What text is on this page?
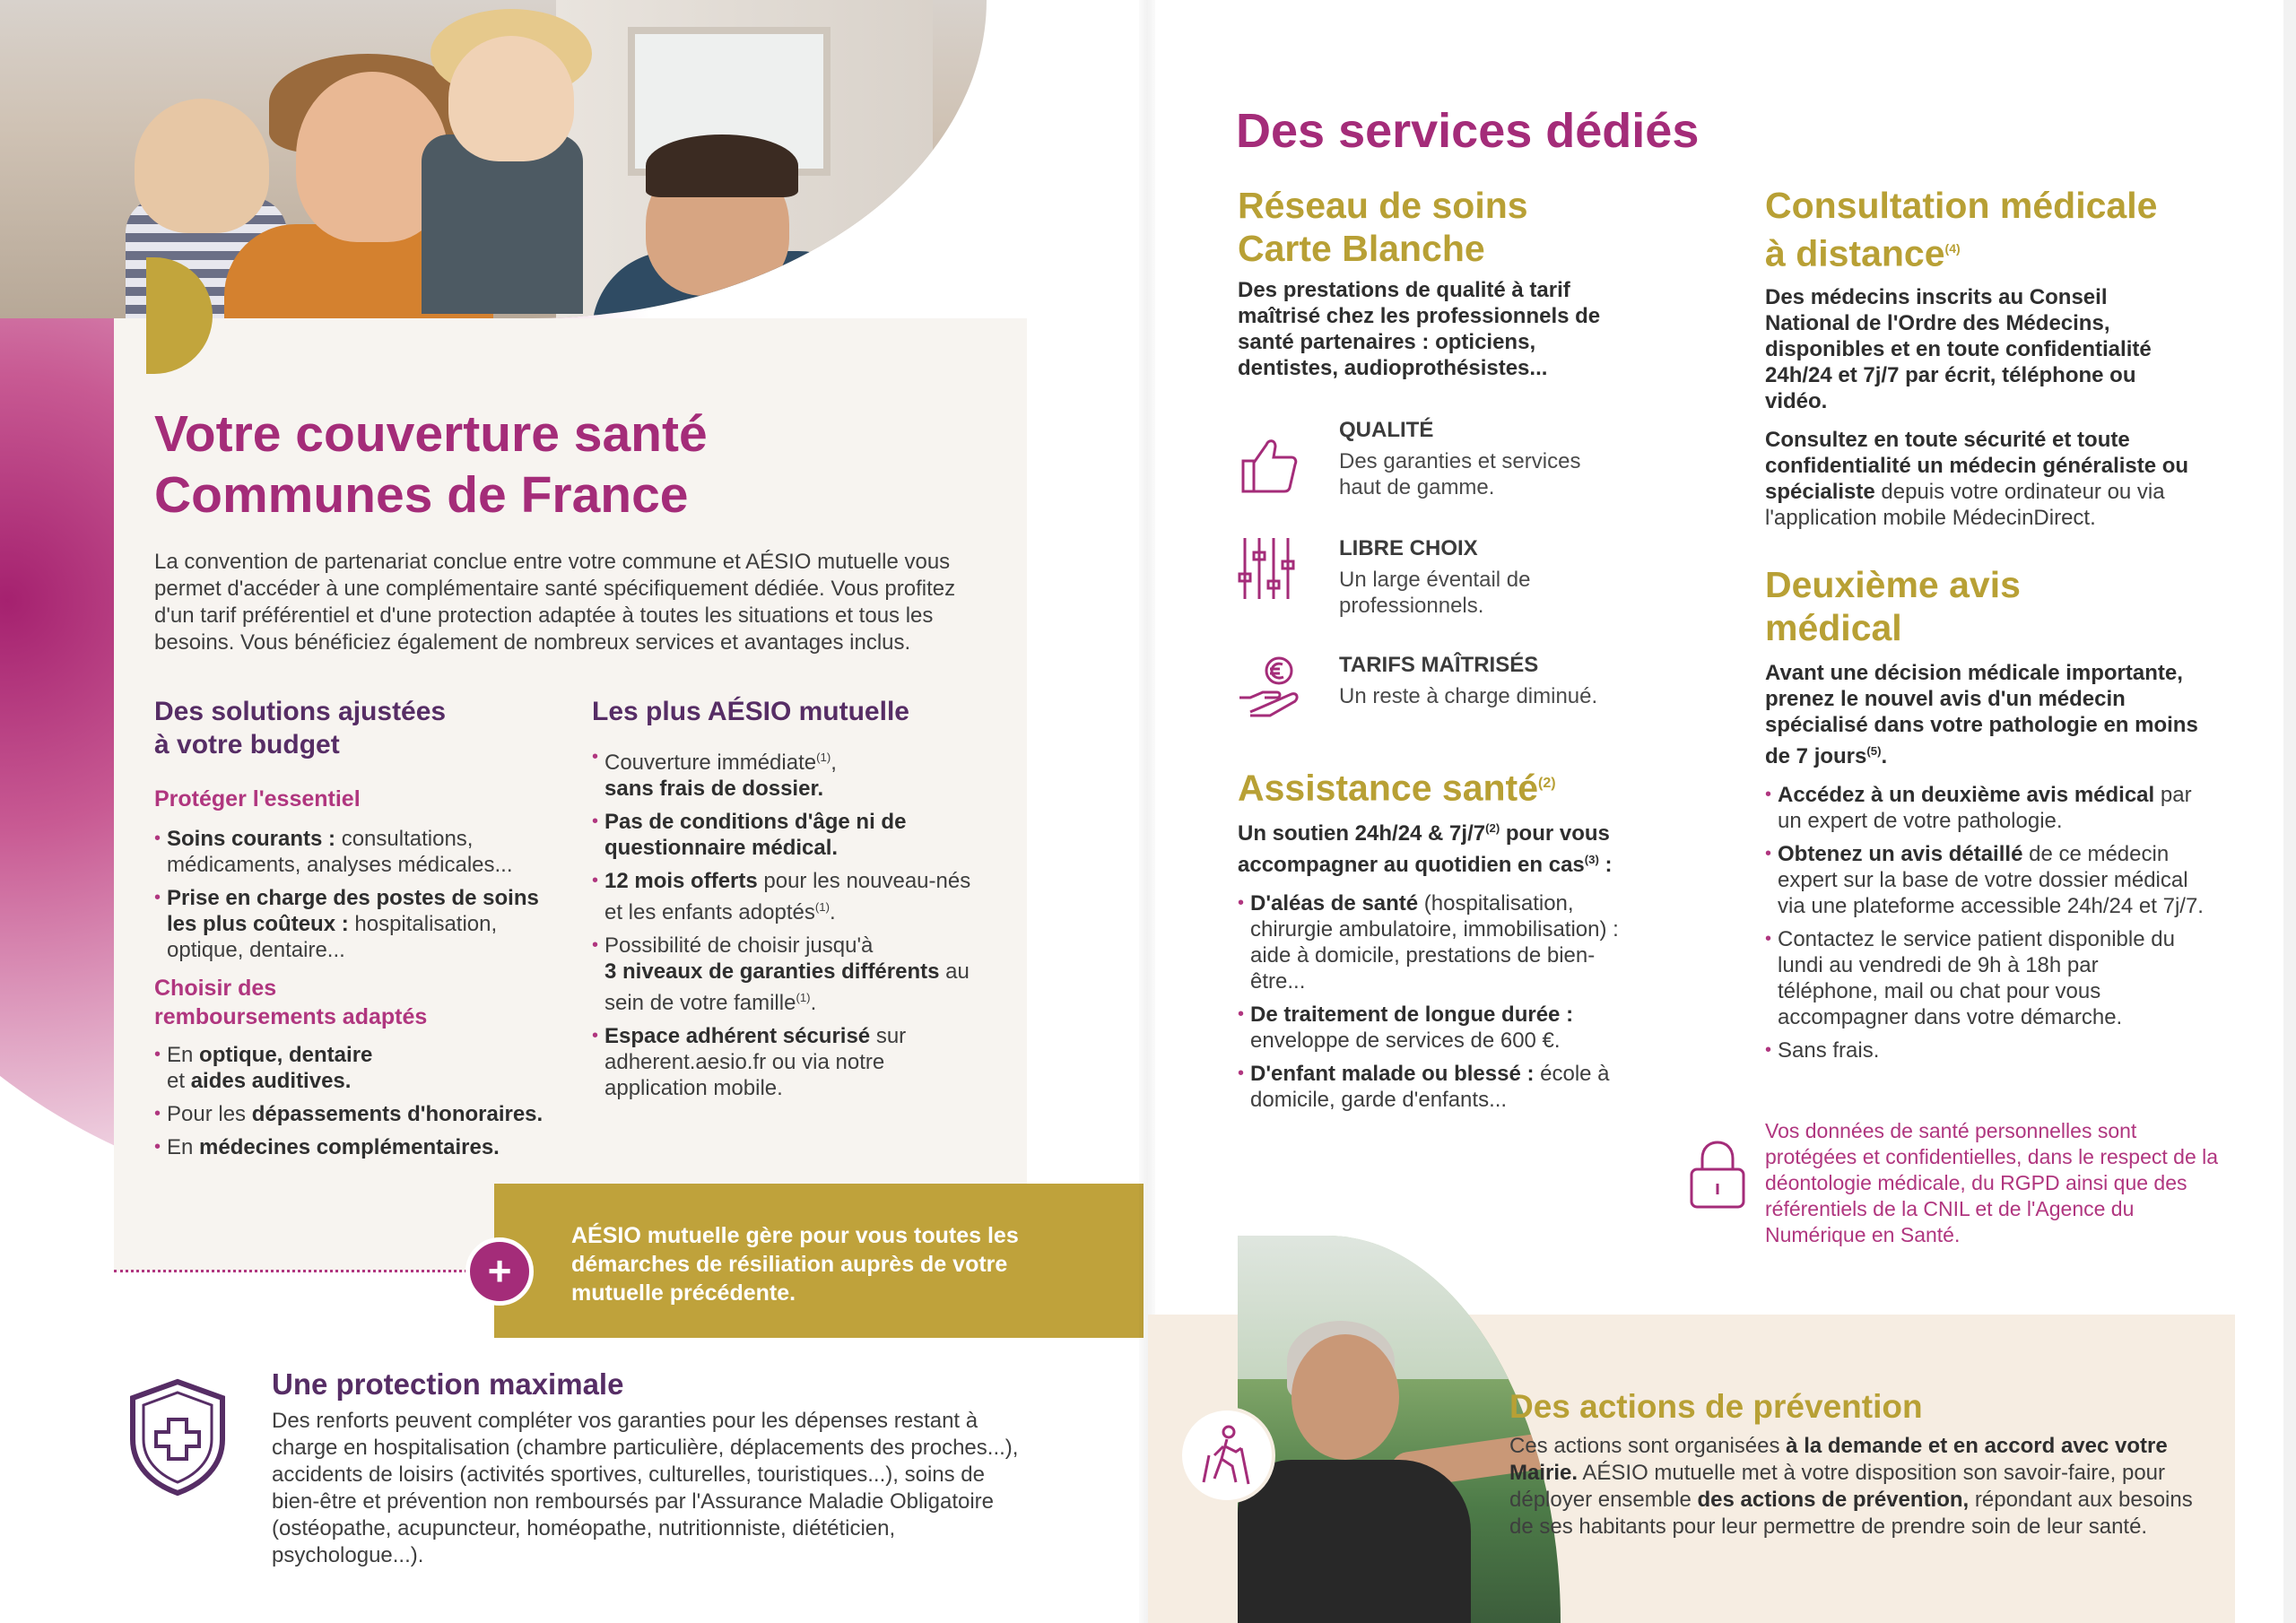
Votre couverture santé
Communes de France

La convention de partenariat conclue entre votre commune et AÉSIO mutuelle vous permet d'accéder à une complémentaire santé spécifiquement dédiée. Vous profitez d'un tarif préférentiel et d'une protection adaptée à toutes les situations et tous les besoins. Vous bénéficiez également de nombreux services et avantages inclus.

Des solutions ajustées
à votre budget
Protéger l'essentiel
• Soins courants : consultations, médicaments, analyses médicales...
• Prise en charge des postes de soins les plus coûteux : hospitalisation, optique, dentaire...
Choisir des
remboursements adaptés
• En optique, dentaire
et aides auditives.
• Pour les dépassements d'honoraires.
• En médecines complémentaires.
Les plus AÉSIO mutuelle
• Couverture immédiate$^{(1)}$,
sans frais de dossier.
• Pas de conditions d'âge ni de questionnaire médical.
• 12 mois offerts pour les nouveau-nés et les enfants adoptés$^{(1)}$.
• Possibilité de choisir jusqu'à
3 niveaux de garanties différents au sein de votre famille$^{(1)}$.
• Espace adhérent sécurisé sur adherent.aesio.fr ou via notre application mobile.

AÉSIO mutuelle gère pour vous toutes les démarches de résiliation auprès de votre mutuelle précédente.

+
Une protection maximale

Des renforts peuvent compléter vos garanties pour les dépenses restant à charge en hospitalisation (chambre particulière, déplacements des proches...), accidents de loisirs (activités sportives, culturelles, touristiques...), soins de bien-être et prévention non remboursés par l'Assurance Maladie Obligatoire (ostéopathe, acupuncteur, homéopathe, nutritionniste, diététicien, psychologue...).

Des services dédiés
Réseau de soins
Carte Blanche

Des prestations de qualité à tarif maîtrisé chez les professionnels de santé partenaires : opticiens, dentistes, audioprothésistes...

QUALITÉ

Des garanties et services haut de gamme.

LIBRE CHOIX

Un large éventail de professionnels.

TARIFS MAÎTRISÉS

Un reste à charge diminué.

Assistance santé$^{(2)}$

Un soutien 24h/24 & 7j/7$^{(2)}$ pour vous accompagner au quotidien en cas$^{(3)}$ :

• D'aléas de santé (hospitalisation, chirurgie ambulatoire, immobilisation) : aide à domicile, prestations de bien-être...
• De traitement de longue durée : enveloppe de services de 600 €.
• D'enfant malade ou blessé : école à domicile, garde d'enfants...
Consultation médicale
à distance$^{(4)}$

Des médecins inscrits au Conseil National de l'Ordre des Médecins, disponibles et en toute confidentialité 24h/24 et 7j/7 par écrit, téléphone ou vidéo.

Consultez en toute sécurité et toute confidentialité un médecin généraliste ou spécialiste depuis votre ordinateur ou via l'application mobile MédecinDirect.

Deuxième avis
médical

Avant une décision médicale importante, prenez le nouvel avis d'un médecin spécialisé dans votre pathologie en moins de 7 jours$^{(5)}$.

• Accédez à un deuxième avis médical par un expert de votre pathologie.
• Obtenez un avis détaillé de ce médecin expert sur la base de votre dossier médical via une plateforme accessible 24h/24 et 7j/7.
• Contactez le service patient disponible du lundi au vendredi de 9h à 18h par téléphone, mail ou chat pour vous accompagner dans votre démarche.
• Sans frais.

Vos données de santé personnelles sont protégées et confidentielles, dans le respect de la déontologie médicale, du RGPD ainsi que des référentiels de la CNIL et de l'Agence du Numérique en Santé.

Des actions de prévention

Ces actions sont organisées à la demande et en accord avec votre Mairie. AÉSIO mutuelle met à votre disposition son savoir-faire, pour déployer ensemble des actions de prévention, répondant aux besoins de ses habitants pour leur permettre de prendre soin de leur santé.
